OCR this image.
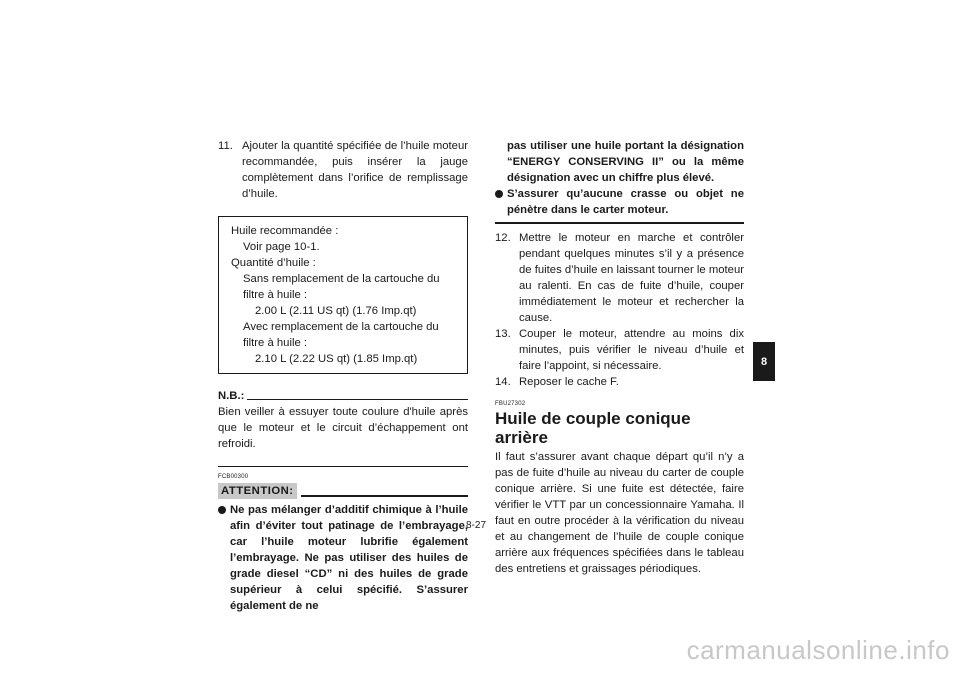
11. Ajouter la quantité spécifiée de l’huile moteur recommandée, puis insérer la jauge complètement dans l’orifice de remplissage d’huile.

Huile recommandée :
Voir page 10-1.
Quantité d’huile :
Sans remplacement de la cartouche du filtre à huile :
2.00 L (2.11 US qt) (1.76 Imp.qt)
Avec remplacement de la cartouche du filtre à huile :
2.10 L (2.22 US qt) (1.85 Imp.qt)
N.B.:

Bien veiller à essuyer toute coulure d'huile après que le moteur et le circuit d’échappement ont refroidi.

FCB00300
ATTENTION:

Ne pas mélanger d’additif chimique à l’huile afin d’éviter tout patinage de l’embrayage, car l’huile moteur lubrifie également l’embrayage. Ne pas utiliser des huiles de grade diesel “CD” ni des huiles de grade supérieur à celui spécifié. S’assurer également de ne

pas utiliser une huile portant la désignation “ENERGY CONSERVING II” ou la même désignation avec un chiffre plus élevé.

S’assurer qu’aucune crasse ou objet ne pénètre dans le carter moteur.

12. Mettre le moteur en marche et contrôler pendant quelques minutes s’il y a présence de fuites d’huile en laissant tourner le moteur au ralenti. En cas de fuite d’huile, couper immédiatement le moteur et rechercher la cause.

13. Couper le moteur, attendre au moins dix minutes, puis vérifier le niveau d’huile et faire l’appoint, si nécessaire.

14. Reposer le cache F.

FBU27302
Huile de couple conique arrière

Il faut s’assurer avant chaque départ qu’il n’y a pas de fuite d’huile au niveau du carter de couple conique arrière. Si une fuite est détectée, faire vérifier le VTT par un concessionnaire Yamaha. Il faut en outre procéder à la vérification du niveau et au changement de l’huile de couple conique arrière aux fréquences spécifiées dans le tableau des entretiens et graissages périodiques.

8-27
8
carmanualsonline.info
